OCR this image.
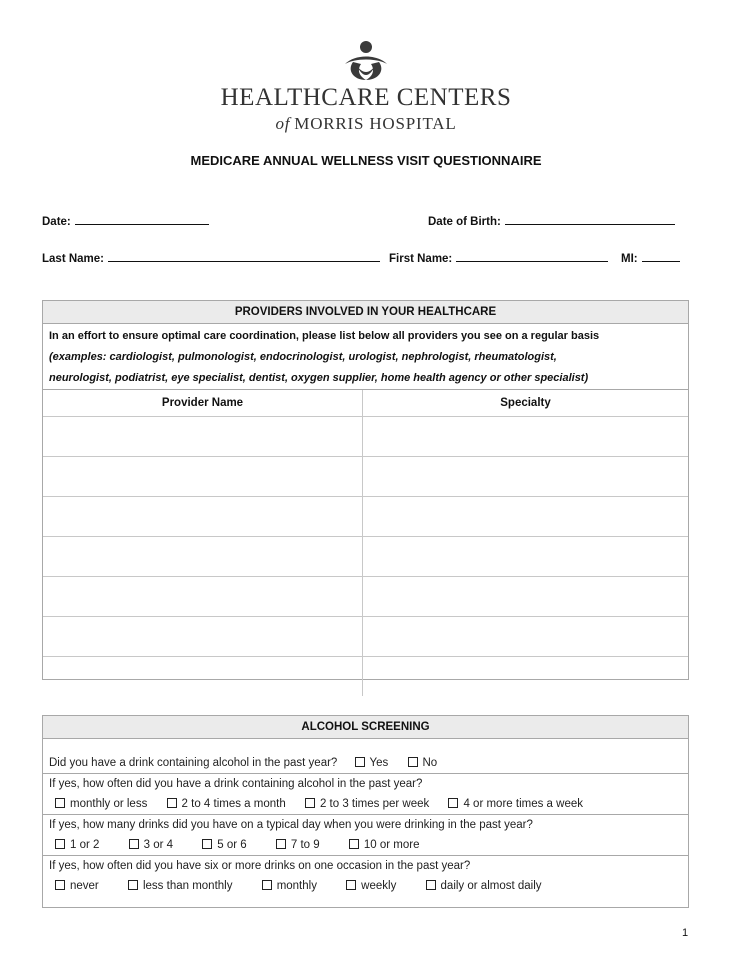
HEALTHCARE CENTERS
of MORRIS HOSPITAL
MEDICARE ANNUAL WELLNESS VISIT QUESTIONNAIRE
Date:	Date of Birth:
Last Name:	First Name:	MI:
PROVIDERS INVOLVED IN YOUR HEALTHCARE
In an effort to ensure optimal care coordination, please list below all providers you see on a regular basis
(examples: cardiologist, pulmonologist, endocrinologist, urologist, nephrologist, rheumatologist,
neurologist, podiatrist, eye specialist, dentist, oxygen supplier, home health agency or other specialist)
Provider Name	Specialty

ALCOHOL SCREENING
Did you have a drink containing alcohol in the past year?	Yes	No
If yes, how often did you have a drink containing alcohol in the past year?
monthly or less	2 to 4 times a month	2 to 3 times per week	4 or more times a week
If yes, how many drinks did you have on a typical day when you were drinking in the past year?
1 or 2	3 or 4	5 or 6	7 to 9	10 or more
If yes, how often did you have six or more drinks on one occasion in the past year?
never	less than monthly	monthly	weekly	daily or almost daily
1
